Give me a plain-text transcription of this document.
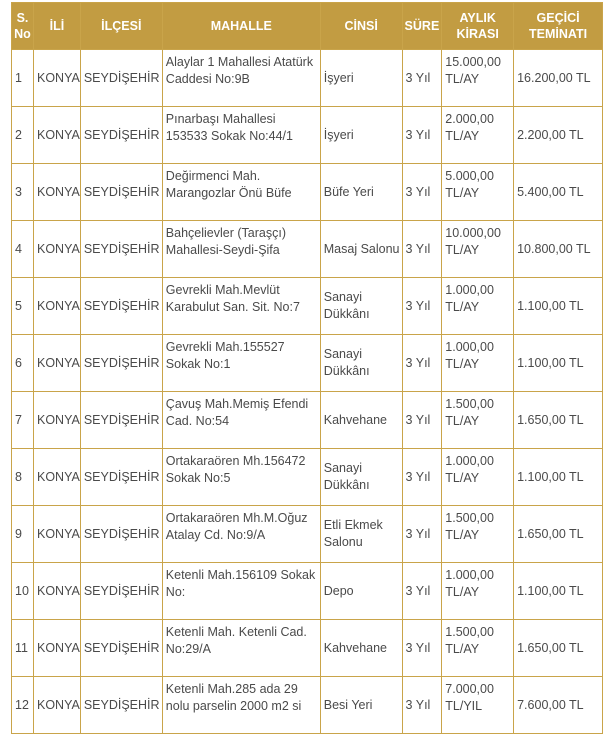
S. No	İLİ	İLÇESİ	MAHALLE	CİNSİ	SÜRE	AYLIK KİRASI	GEÇİCİ TEMİNATI
1	KONYA	SEYDİŞEHİR	Alaylar 1 Mahallesi Atatürk Caddesi No:9B	İşyeri	3 Yıl	15.000,00 TL/AY	16.200,00 TL
2	KONYA	SEYDİŞEHİR	Pınarbaşı Mahallesi 153533 Sokak No:44/1	İşyeri	3 Yıl	2.000,00 TL/AY	2.200,00 TL
3	KONYA	SEYDİŞEHİR	Değirmenci Mah. Marangozlar Önü Büfe	Büfe Yeri	3 Yıl	5.000,00 TL/AY	5.400,00 TL
4	KONYA	SEYDİŞEHİR	Bahçelievler (Taraşçı) Mahallesi-Seydi-Şifa	Masaj Salonu	3 Yıl	10.000,00 TL/AY	10.800,00 TL
5	KONYA	SEYDİŞEHİR	Gevrekli Mah.Mevlüt Karabulut San. Sit. No:7	Sanayi Dükkânı	3 Yıl	1.000,00 TL/AY	1.100,00 TL
6	KONYA	SEYDİŞEHİR	Gevrekli Mah.155527 Sokak No:1	Sanayi Dükkânı	3 Yıl	1.000,00 TL/AY	1.100,00 TL
7	KONYA	SEYDİŞEHİR	Çavuş Mah.Memiş Efendi Cad. No:54	Kahvehane	3 Yıl	1.500,00 TL/AY	1.650,00 TL
8	KONYA	SEYDİŞEHİR	Ortakaraören Mh.156472 Sokak No:5	Sanayi Dükkânı	3 Yıl	1.000,00 TL/AY	1.100,00 TL
9	KONYA	SEYDİŞEHİR	Ortakaraören Mh.M.Oğuz Atalay Cd. No:9/A	Etli Ekmek Salonu	3 Yıl	1.500,00 TL/AY	1.650,00 TL
10	KONYA	SEYDİŞEHİR	Ketenli Mah.156109 Sokak No:	Depo	3 Yıl	1.000,00 TL/AY	1.100,00 TL
11	KONYA	SEYDİŞEHİR	Ketenli Mah. Ketenli Cad. No:29/A	Kahvehane	3 Yıl	1.500,00 TL/AY	1.650,00 TL
12	KONYA	SEYDİŞEHİR	Ketenli Mah.285 ada 29 nolu parselin 2000 m2 si	Besi Yeri	3 Yıl	7.000,00 TL/YIL	7.600,00 TL
